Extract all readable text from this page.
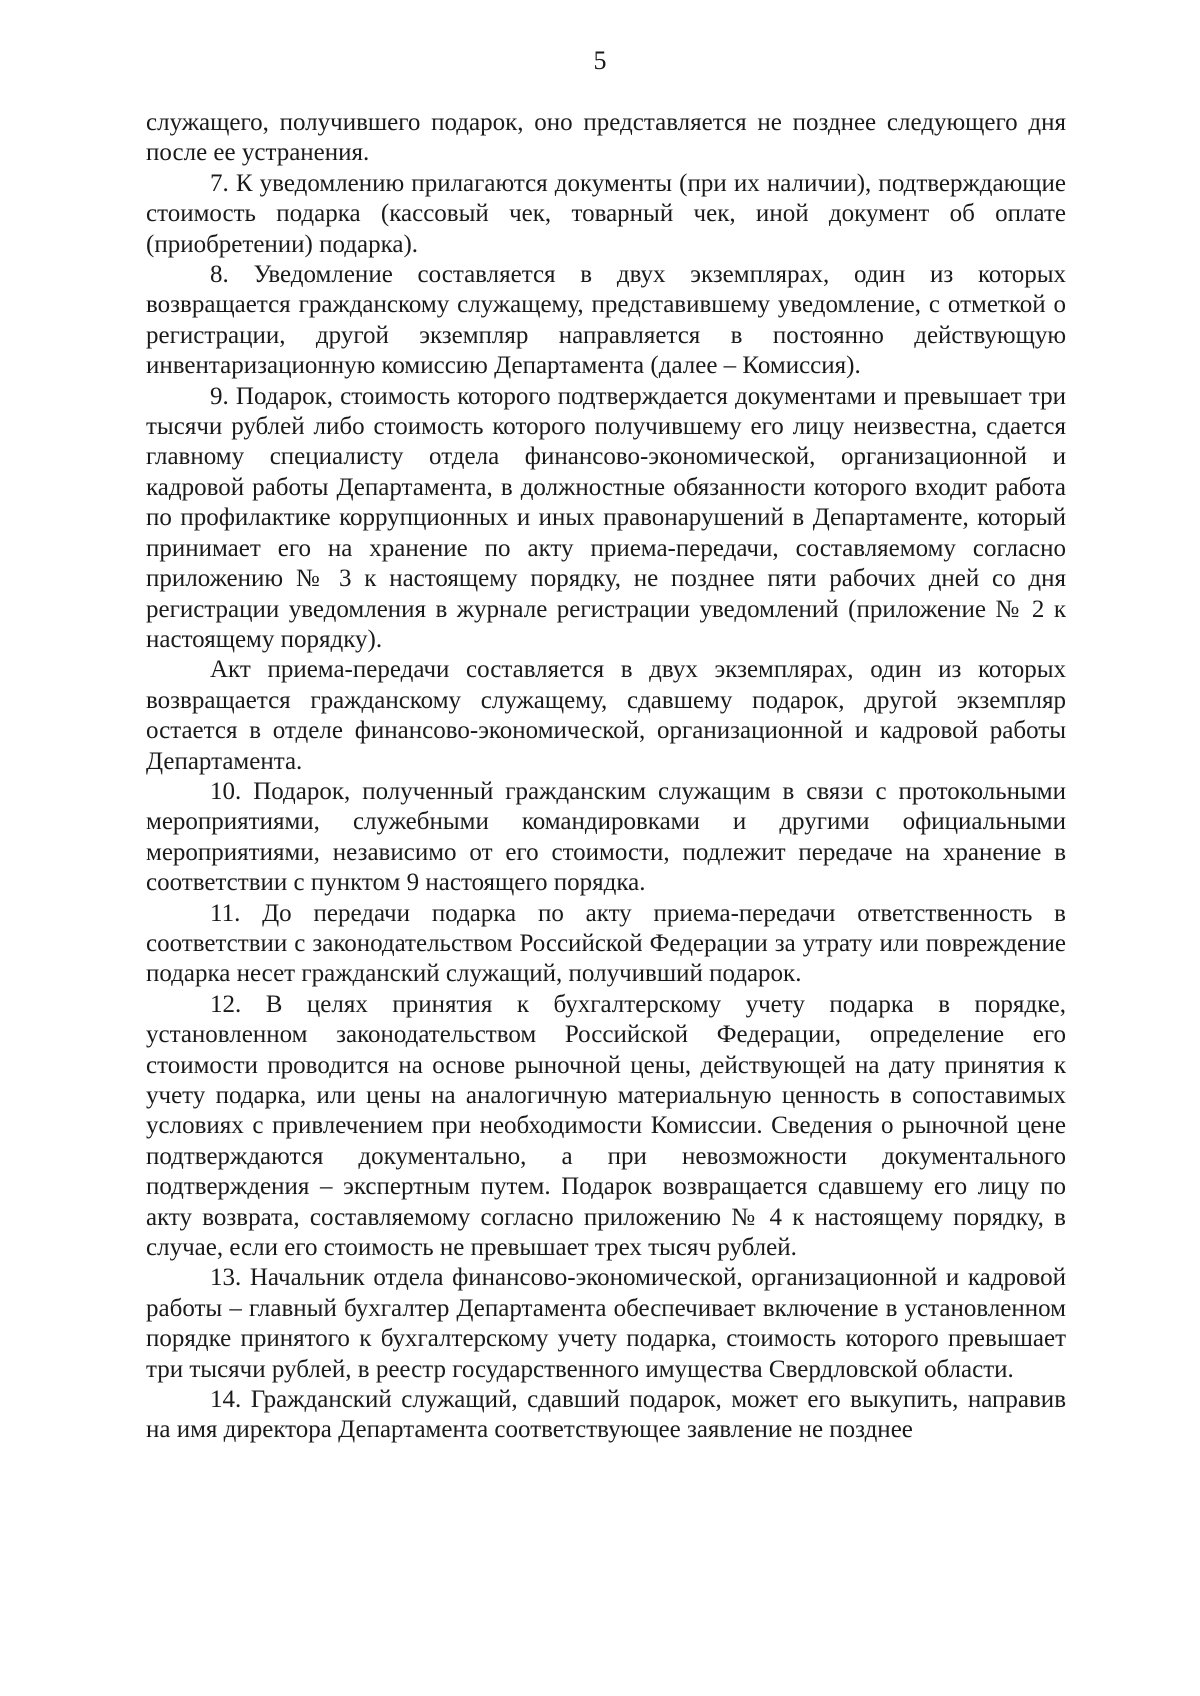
5

служащего, получившего подарок, оно представляется не позднее следующего дня после ее устранения.

7. К уведомлению прилагаются документы (при их наличии), подтверждающие стоимость подарка (кассовый чек, товарный чек, иной документ об оплате (приобретении) подарка).

8. Уведомление составляется в двух экземплярах, один из которых возвращается гражданскому служащему, представившему уведомление, с отметкой о регистрации, другой экземпляр направляется в постоянно действующую инвентаризационную комиссию Департамента (далее – Комиссия).

9. Подарок, стоимость которого подтверждается документами и превышает три тысячи рублей либо стоимость которого получившему его лицу неизвестна, сдается главному специалисту отдела финансово-экономической, организационной и кадровой работы Департамента, в должностные обязанности которого входит работа по профилактике коррупционных и иных правонарушений в Департаменте, который принимает его на хранение по акту приема-передачи, составляемому согласно приложению № 3 к настоящему порядку, не позднее пяти рабочих дней со дня регистрации уведомления в журнале регистрации уведомлений (приложение № 2 к настоящему порядку).

Акт приема-передачи составляется в двух экземплярах, один из которых возвращается гражданскому служащему, сдавшему подарок, другой экземпляр остается в отделе финансово-экономической, организационной и кадровой работы Департамента.

10. Подарок, полученный гражданским служащим в связи с протокольными мероприятиями, служебными командировками и другими официальными мероприятиями, независимо от его стоимости, подлежит передаче на хранение в соответствии с пунктом 9 настоящего порядка.

11. До передачи подарка по акту приема-передачи ответственность в соответствии с законодательством Российской Федерации за утрату или повреждение подарка несет гражданский служащий, получивший подарок.

12. В целях принятия к бухгалтерскому учету подарка в порядке, установленном законодательством Российской Федерации, определение его стоимости проводится на основе рыночной цены, действующей на дату принятия к учету подарка, или цены на аналогичную материальную ценность в сопоставимых условиях с привлечением при необходимости Комиссии. Сведения о рыночной цене подтверждаются документально, а при невозможности документального подтверждения – экспертным путем. Подарок возвращается сдавшему его лицу по акту возврата, составляемому согласно приложению № 4 к настоящему порядку, в случае, если его стоимость не превышает трех тысяч рублей.

13. Начальник отдела финансово-экономической, организационной и кадровой работы – главный бухгалтер Департамента обеспечивает включение в установленном порядке принятого к бухгалтерскому учету подарка, стоимость которого превышает три тысячи рублей, в реестр государственного имущества Свердловской области.

14. Гражданский служащий, сдавший подарок, может его выкупить, направив на имя директора Департамента соответствующее заявление не позднее
